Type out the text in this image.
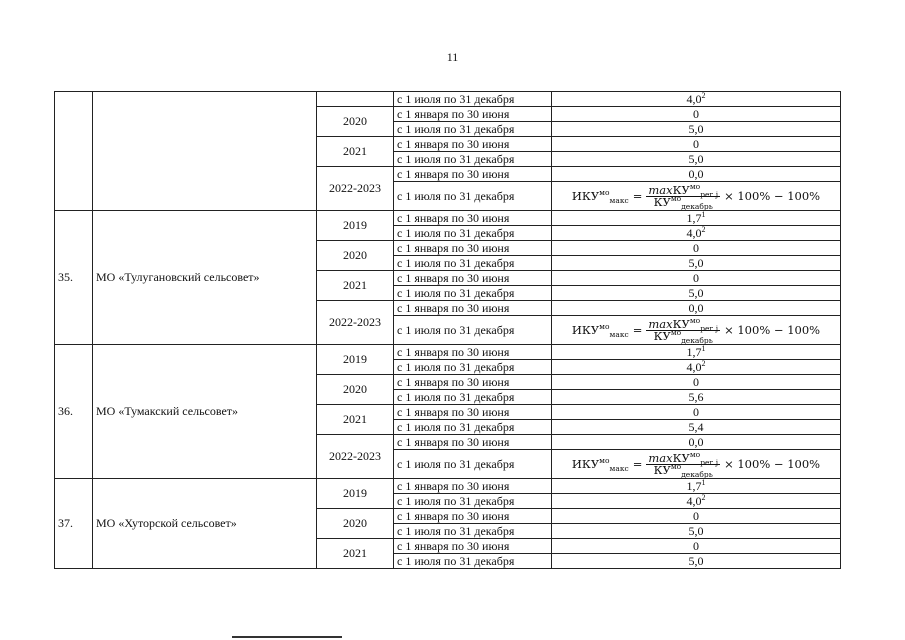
11
			с 1 июля по 31 декабря	$4,0^2$
		2020	с 1 января по 30 июня	0
			с 1 июля по 31 декабря	5,0
		2021	с 1 января по 30 июня	0
			с 1 июля по 31 декабря	5,0
		2022-2023	с 1 января по 30 июня	0,0
			с 1 июля по 31 декабря	$ИКУ^{мо}_{макс} = \frac{\max КУ^{мо}_{рег j}}{КУ^{мо}_{декабрь}} \times 100\% - 100\%$

35.	МО «Тулугановский сельсовет»	2019	с 1 января по 30 июня	$1,7^1$
			с 1 июля по 31 декабря	$4,0^2$
		2020	с 1 января по 30 июня	0
			с 1 июля по 31 декабря	5,0
		2021	с 1 января по 30 июня	0
			с 1 июля по 31 декабря	5,0
		2022-2023	с 1 января по 30 июня	0,0
			с 1 июля по 31 декабря	$ИКУ^{мо}_{макс} = \frac{\max КУ^{мо}_{рег j}}{КУ^{мо}_{декабрь}} \times 100\% - 100\%$

36.	МО «Тумакский сельсовет»	2019	с 1 января по 30 июня	$1,7^1$
			с 1 июля по 31 декабря	$4,0^2$
		2020	с 1 января по 30 июня	0
			с 1 июля по 31 декабря	5,6
		2021	с 1 января по 30 июня	0
			с 1 июля по 31 декабря	5,4
		2022-2023	с 1 января по 30 июня	0,0
			с 1 июля по 31 декабря	$ИКУ^{мо}_{макс} = \frac{\max КУ^{мо}_{рег j}}{КУ^{мо}_{декабрь}} \times 100\% - 100\%$

37.	МО «Хуторской сельсовет»	2019	с 1 января по 30 июня	$1,7^1$
			с 1 июля по 31 декабря	$4,0^2$
		2020	с 1 января по 30 июня	0
			с 1 июля по 31 декабря	5,0
		2021	с 1 января по 30 июня	0
			с 1 июля по 31 декабря	5,0
